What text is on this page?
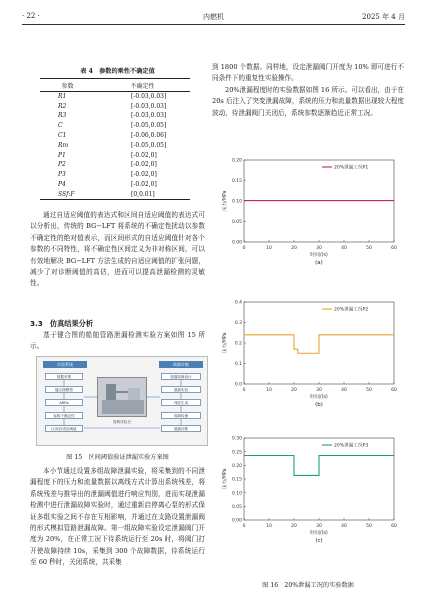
· 22 ·	内燃机	2025 年 4 月
表 4　参数的乘性不确定值
参数	不确定性
R1	[-0.03,0.03]
R2	[-0.03,0.03]
R3	[-0.03,0.03]
C	[-0.05,0.05]
C1	[-0.06,0.06]
Rm	[-0.05,0.05]
P1	[-0.02,0]
P2	[-0.02,0]
P3	[-0.02,0]
P4	[-0.02,0]
SSf:F	[0,0.01]

通过自适应阈值的表达式和区间自适应阈值的表达式可以分析出，传统的 BG−LFT 将系统的不确定性扰动以参数不确定性的绝对值表示，而区间形式的自适应阈值针对各个参数的不同特性，将不确定性区间定义为非对称区间，可以有效地解决 BG−LFT 方法生成的自适应阈值的扩张问题，减少了对诊断阈值的高估，进而可以提高泄漏检测的灵敏性。

3.3　仿真结果分析

基于键合图的船舶管路泄漏检测实验方案如图 15 所示。

实验系统	故障诊断
数据采集
键合图模型
ARRs
参数不确定性
区间自适应阈值
泄漏故障设计
泄漏实验
残差生成
故障检测
泄漏诊断
管路试验台
图 15　区间阈值验证泄漏实验方案图

本小节通过设置多组故障泄漏实验，将采集到的不同泄漏程度下的压力和流量数据以离线方式计算出系统残差，将系统残差与推导出的泄漏阈值进行响应判别，进而实现泄漏检测中进行泄漏故障实验时，通过重新启停离心泵的形式保证多组实验之间不存在互相影响，并通过在支路设置泄漏阀的形式模拟管路泄漏故障。第一组故障实验设定泄漏阀门开度为 20%，在正常工况下待系统运行至 20s 时，将阀门打开使故障持续 10s，采集到 300 个故障数据，待系统运行至 60 秒时，关闭系统，共采集

到 1800 个数据。同样地，设定泄漏阀门开度为 10% 即可进行不同条件下的重复性实验操作。

20%泄漏程度时的实验数据如图 16 所示。可以看出，由于在 20s 后注入了突变泄漏故障，系统的压力和流量数据出现较大程度波动，待泄漏阀门关闭后，系统参数逐渐趋近正常工况。

0	10	20	30	40	50	60
0.00
0.05
0.10
0.15
0.20
时间/(s)
压力/MPa
20%泄漏工况P1
(a)
0	10	20	30	40	50	60
0.0
0.1
0.2
0.3
0.4
时间/(s)
压力/MPa
20%泄漏工况P2
(b)
0	10	20	30	40	50	60
0.00
0.05
0.10
0.15
0.20
0.25
0.30
时间/(s)
压力/MPa
20%泄漏工况P3
(c)
图 16　20%泄漏工况的实验数据
